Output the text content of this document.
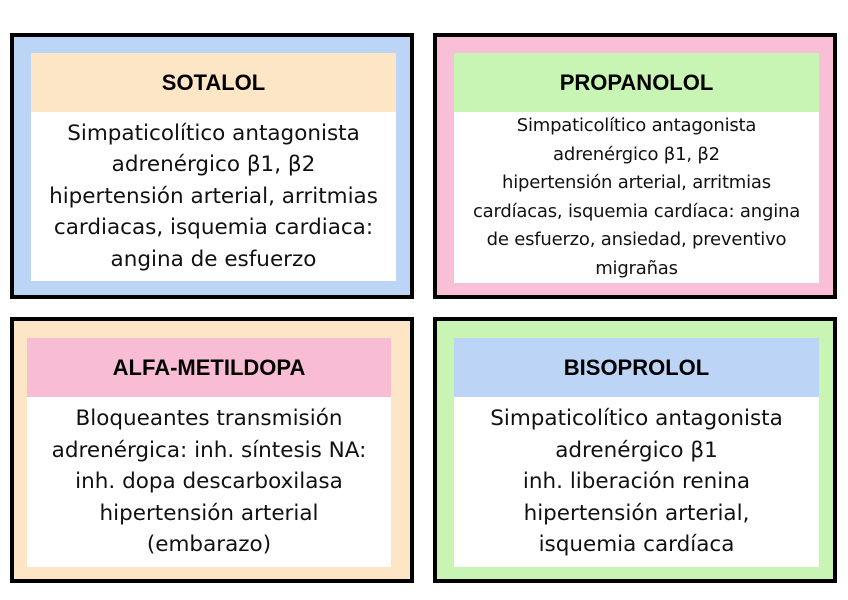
SOTALOL
Simpaticolítico antagonista
adrenérgico β1, β2
hipertensión arterial, arritmias
cardiacas, isquemia cardiaca:
angina de esfuerzo
PROPANOLOL
Simpaticolítico antagonista
adrenérgico β1, β2
hipertensión arterial, arritmias
cardíacas, isquemia cardíaca: angina
de esfuerzo, ansiedad, preventivo
migrañas
ALFA-METILDOPA
Bloqueantes transmisión
adrenérgica: inh. síntesis NA:
inh. dopa descarboxilasa
hipertensión arterial
(embarazo)
BISOPROLOL
Simpaticolítico antagonista
adrenérgico β1
inh. liberación renina
hipertensión arterial,
isquemia cardíaca
